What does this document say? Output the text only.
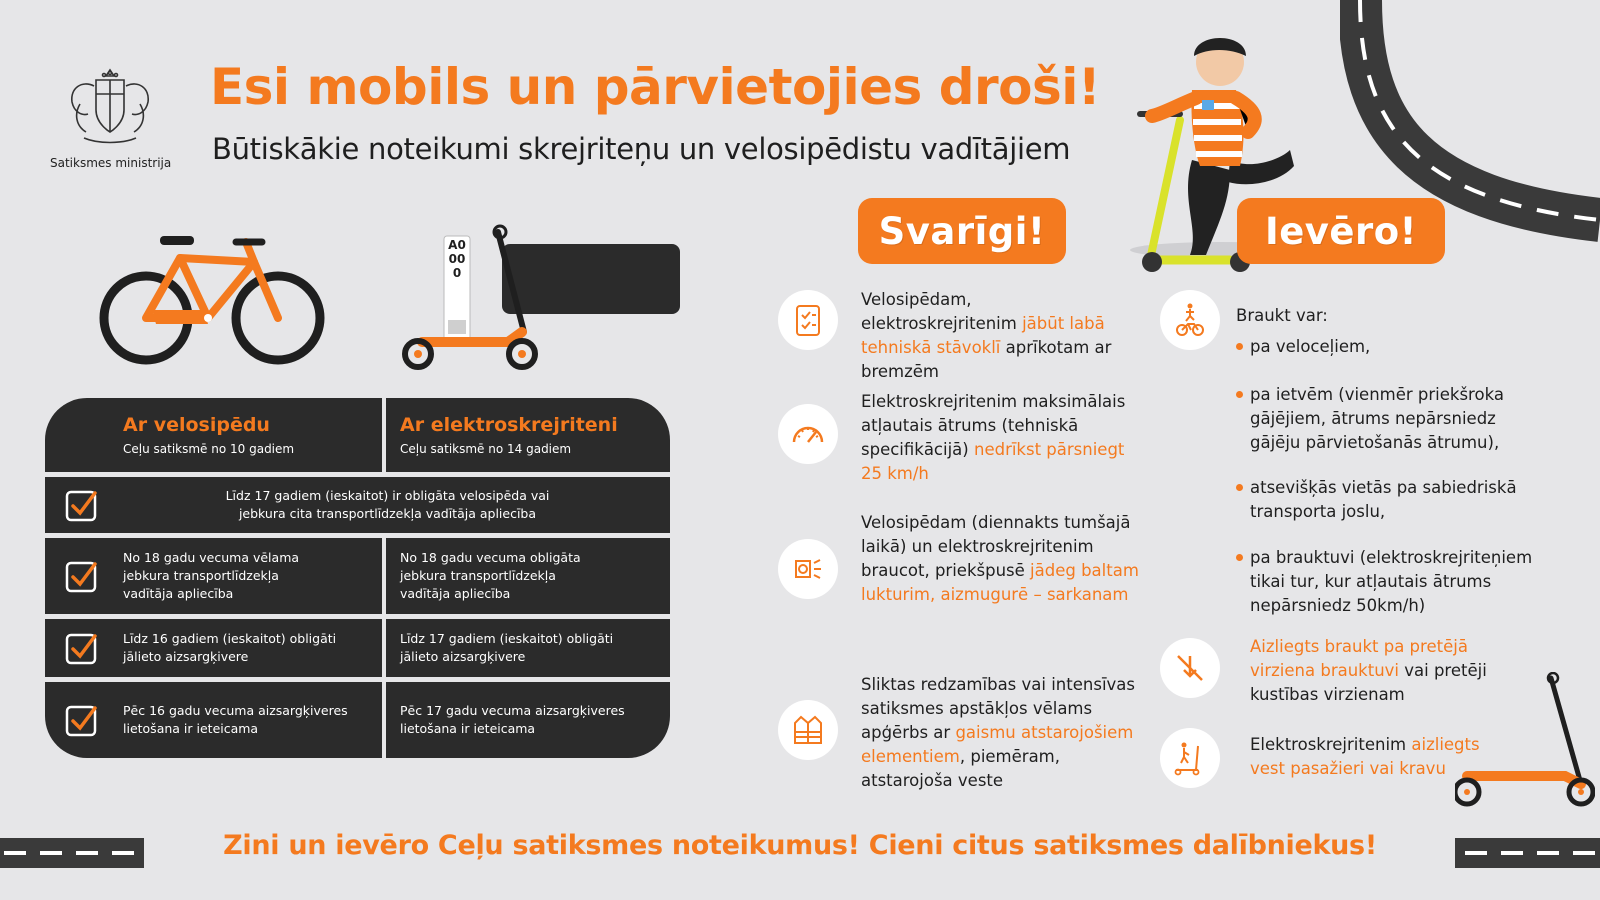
Satiksmes ministrija
Esi mobils un pārvietojies droši!
Būtiskākie noteikumi skrejriteņu un velosipēdistu vadītājiem
A0000
Ar velosipēdu
Ceļu satiksmē no 10 gadiem
Ar elektroskrejriteni
Ceļu satiksmē no 14 gadiem
Līdz 17 gadiem (ieskaitot) ir obligāta velosipēda vai jebkura cita transportlīdzekļa vadītāja apliecība
No 18 gadu vecuma vēlama jebkura transportlīdzekļa vadītāja apliecība
No 18 gadu vecuma obligāta jebkura transportlīdzekļa vadītāja apliecība
Līdz 16 gadiem (ieskaitot) obligāti jālieto aizsargķivere
Līdz 17 gadiem (ieskaitot) obligāti jālieto aizsargķivere
Pēc 16 gadu vecuma aizsargķiveres lietošana ir ieteicama
Pēc 17 gadu vecuma aizsargķiveres lietošana ir ieteicama
Svarīgi!	Ievēro!
Velosipēdam, elektroskrejritenim jābūt labā tehniskā stāvoklī aprīkotam ar bremzēm
Elektroskrejritenim maksimālais atļautais ātrums (tehniskā specifikācijā) nedrīkst pārsniegt 25 km/h
Velosipēdam (diennakts tumšajā laikā) un elektroskrejritenim braucot, priekšpusē jādeg baltam lukturim, aizmugurē – sarkanam
Sliktas redzamības vai intensīvas satiksmes apstākļos vēlams apģērbs ar gaismu atstarojošiem elementiem, piemēram, atstarojoša veste
Braukt var:
pa veloceļiem,
pa ietvēm (vienmēr priekšroka gājējiem, ātrums nepārsniedz gājēju pārvietošanās ātrumu),
atsevišķās vietās pa sabiedriskā transporta joslu,
pa brauktuvi (elektroskrejriteņiem tikai tur, kur atļautais ātrums nepārsniedz 50km/h)
Aizliegts braukt pa pretējā virziena brauktuvi vai pretēji kustības virzienam
Elektroskrejritenim aizliegts vest pasažieri vai kravu
Zini un ievēro Ceļu satiksmes noteikumus! Cieni citus satiksmes dalībniekus!
